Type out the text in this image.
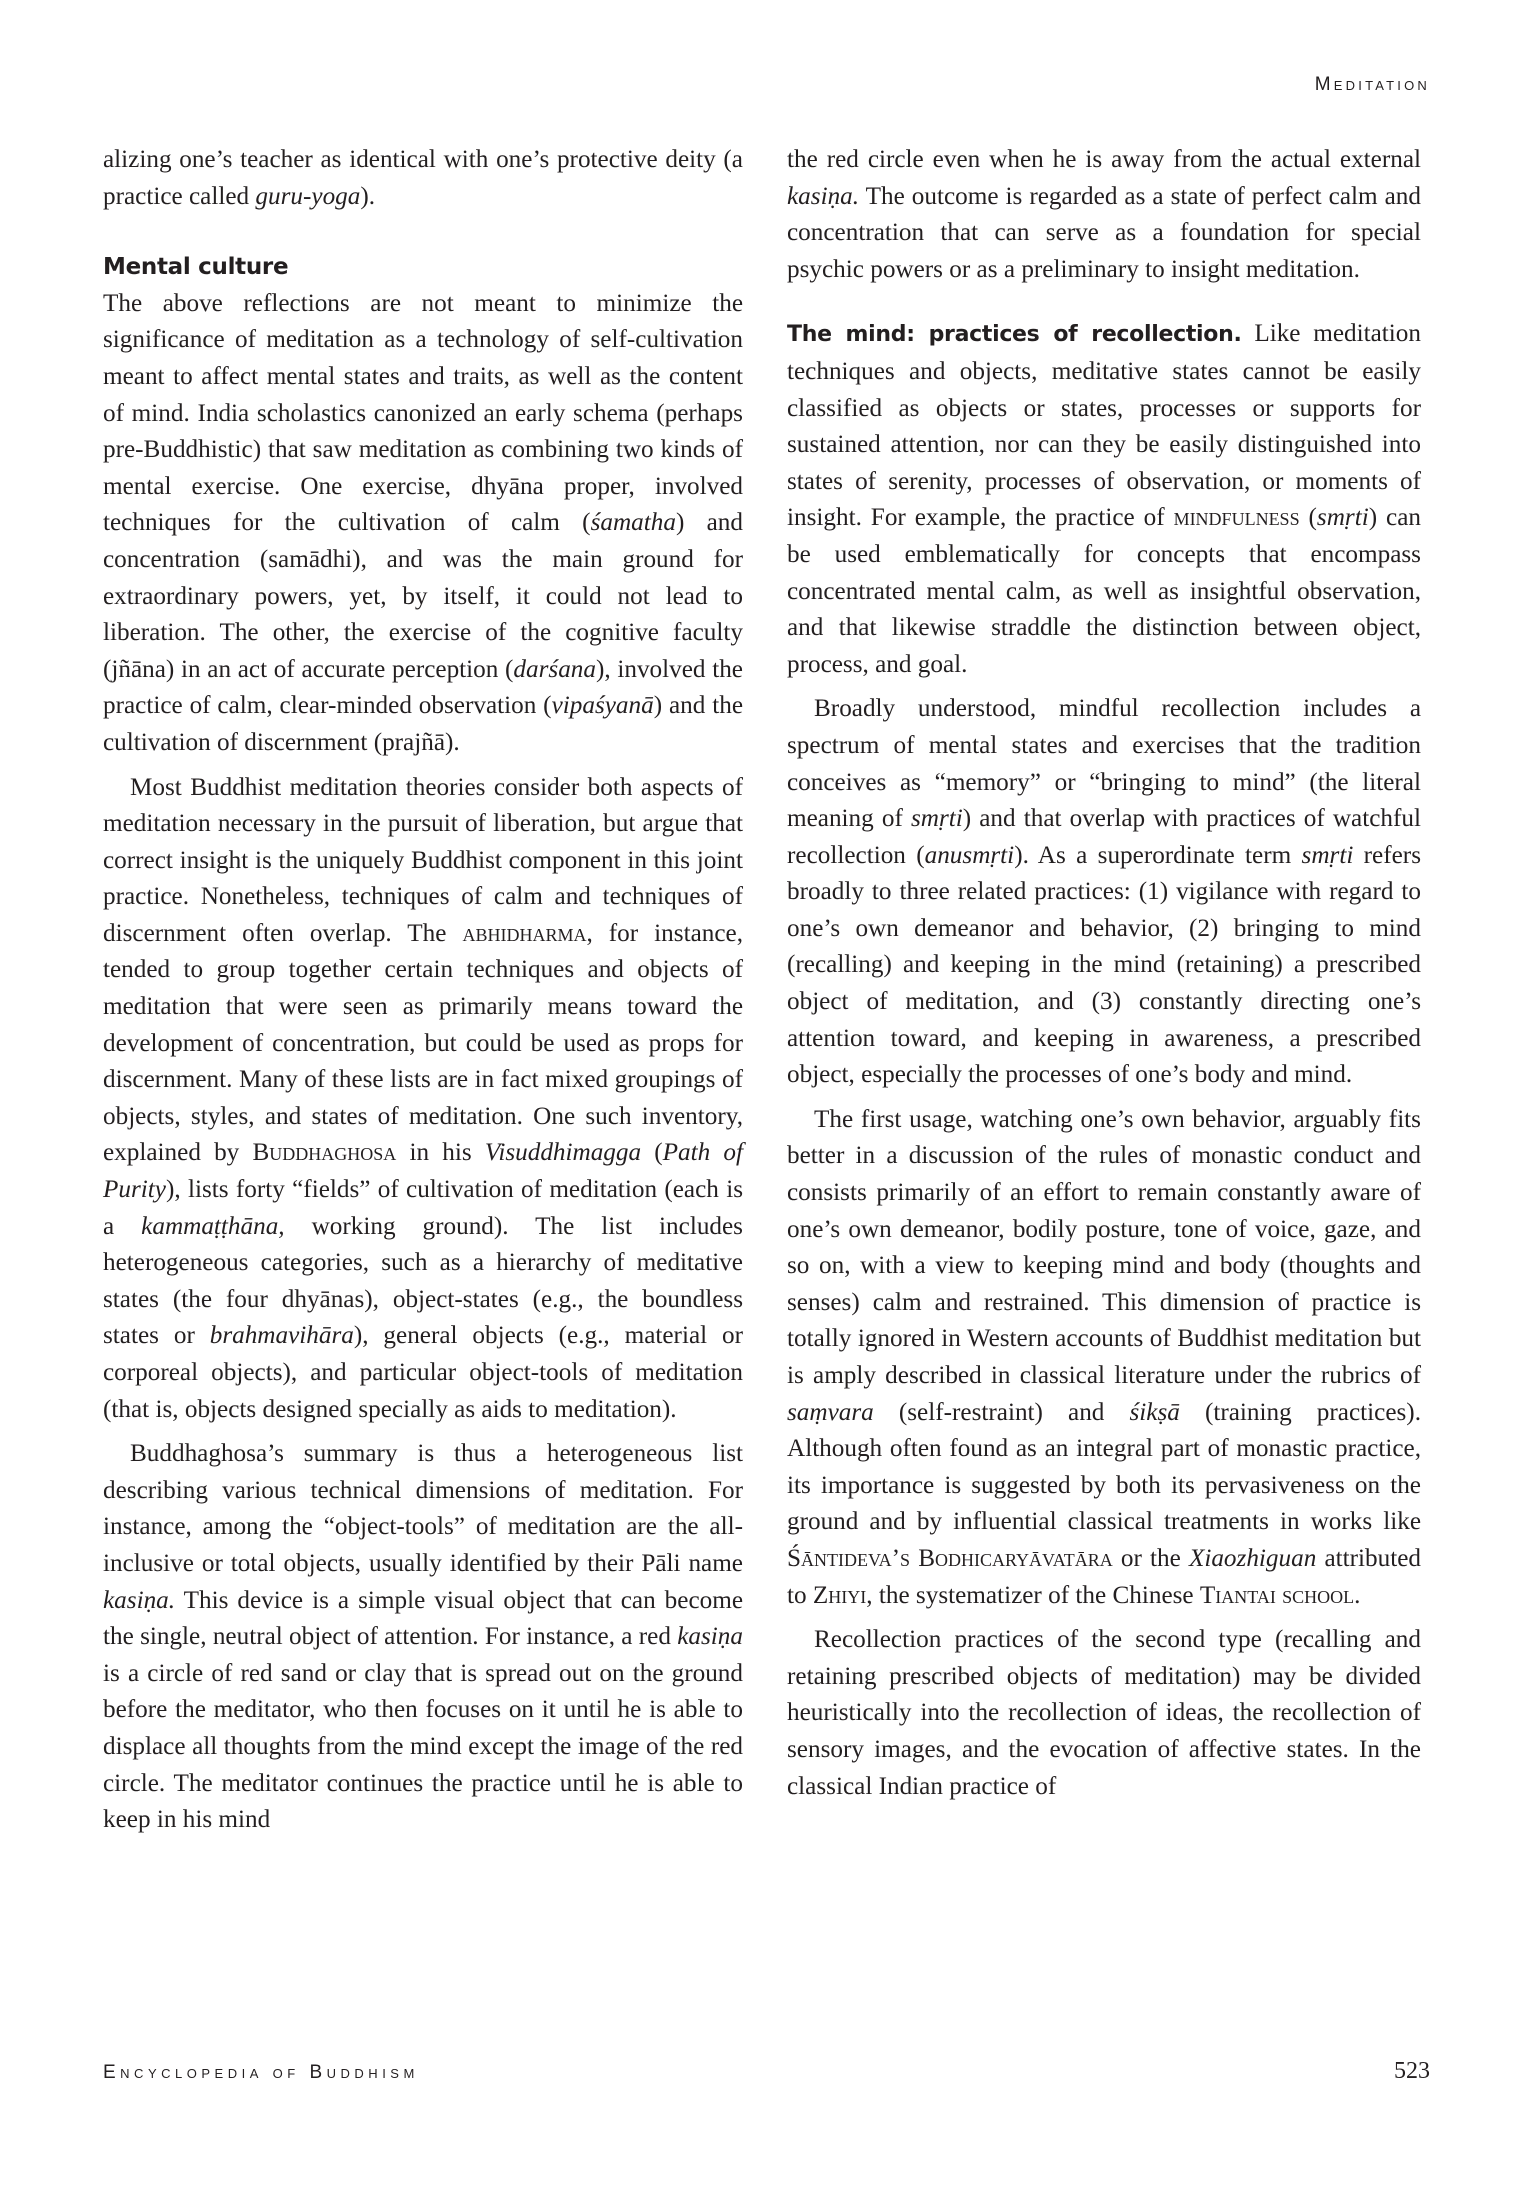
Meditation

alizing one’s teacher as identical with one’s protective deity (a practice called guru-yoga).

Mental culture

The above reflections are not meant to minimize the significance of meditation as a technology of self-cultivation meant to affect mental states and traits, as well as the content of mind. India scholastics canonized an early schema (perhaps pre-Buddhistic) that saw meditation as combining two kinds of mental exercise. One exercise, dhyāna proper, involved techniques for the cultivation of calm (śamatha) and concentration (samādhi), and was the main ground for extraordinary powers, yet, by itself, it could not lead to liberation. The other, the exercise of the cognitive faculty (jñāna) in an act of accurate perception (darśana), involved the practice of calm, clear-minded observation (vipaśyanā) and the cultivation of discernment (prajñā).

Most Buddhist meditation theories consider both aspects of meditation necessary in the pursuit of liberation, but argue that correct insight is the uniquely Buddhist component in this joint practice. Nonetheless, techniques of calm and techniques of discernment often overlap. The abhidharma, for instance, tended to group together certain techniques and objects of meditation that were seen as primarily means toward the development of concentration, but could be used as props for discernment. Many of these lists are in fact mixed groupings of objects, styles, and states of meditation. One such inventory, explained by Buddhaghosa in his Visuddhimagga (Path of Purity), lists forty “fields” of cultivation of meditation (each is a kammaṭṭhāna, working ground). The list includes heterogeneous categories, such as a hierarchy of meditative states (the four dhyānas), object-states (e.g., the boundless states or brahmavihāra), general objects (e.g., material or corporeal objects), and particular object-tools of meditation (that is, objects designed specially as aids to meditation).

Buddhaghosa’s summary is thus a heterogeneous list describing various technical dimensions of meditation. For instance, among the “object-tools” of meditation are the all-inclusive or total objects, usually identified by their Pāli name kasiṇa. This device is a simple visual object that can become the single, neutral object of attention. For instance, a red kasiṇa is a circle of red sand or clay that is spread out on the ground before the meditator, who then focuses on it until he is able to displace all thoughts from the mind except the image of the red circle. The meditator continues the practice until he is able to keep in his mind

the red circle even when he is away from the actual external kasiṇa. The outcome is regarded as a state of perfect calm and concentration that can serve as a foundation for special psychic powers or as a preliminary to insight meditation.

The mind: practices of recollection. Like meditation techniques and objects, meditative states cannot be easily classified as objects or states, processes or supports for sustained attention, nor can they be easily distinguished into states of serenity, processes of observation, or moments of insight. For example, the practice of mindfulness (smṛti) can be used emblematically for concepts that encompass concentrated mental calm, as well as insightful observation, and that likewise straddle the distinction between object, process, and goal.

Broadly understood, mindful recollection includes a spectrum of mental states and exercises that the tradition conceives as “memory” or “bringing to mind” (the literal meaning of smṛti) and that overlap with practices of watchful recollection (anusmṛti). As a superordinate term smṛti refers broadly to three related practices: (1) vigilance with regard to one’s own demeanor and behavior, (2) bringing to mind (recalling) and keeping in the mind (retaining) a prescribed object of meditation, and (3) constantly directing one’s attention toward, and keeping in awareness, a prescribed object, especially the processes of one’s body and mind.

The first usage, watching one’s own behavior, arguably fits better in a discussion of the rules of monastic conduct and consists primarily of an effort to remain constantly aware of one’s own demeanor, bodily posture, tone of voice, gaze, and so on, with a view to keeping mind and body (thoughts and senses) calm and restrained. This dimension of practice is totally ignored in Western accounts of Buddhist meditation but is amply described in classical literature under the rubrics of saṃvara (self-restraint) and śikṣā (training practices). Although often found as an integral part of monastic practice, its importance is suggested by both its pervasiveness on the ground and by influential classical treatments in works like Śāntideva’s Bodhicaryāvatāra or the Xiaozhiguan attributed to Zhiyi, the systematizer of the Chinese Tiantai school.

Recollection practices of the second type (recalling and retaining prescribed objects of meditation) may be divided heuristically into the recollection of ideas, the recollection of sensory images, and the evocation of affective states. In the classical Indian practice of

Encyclopedia of Buddhism	523
